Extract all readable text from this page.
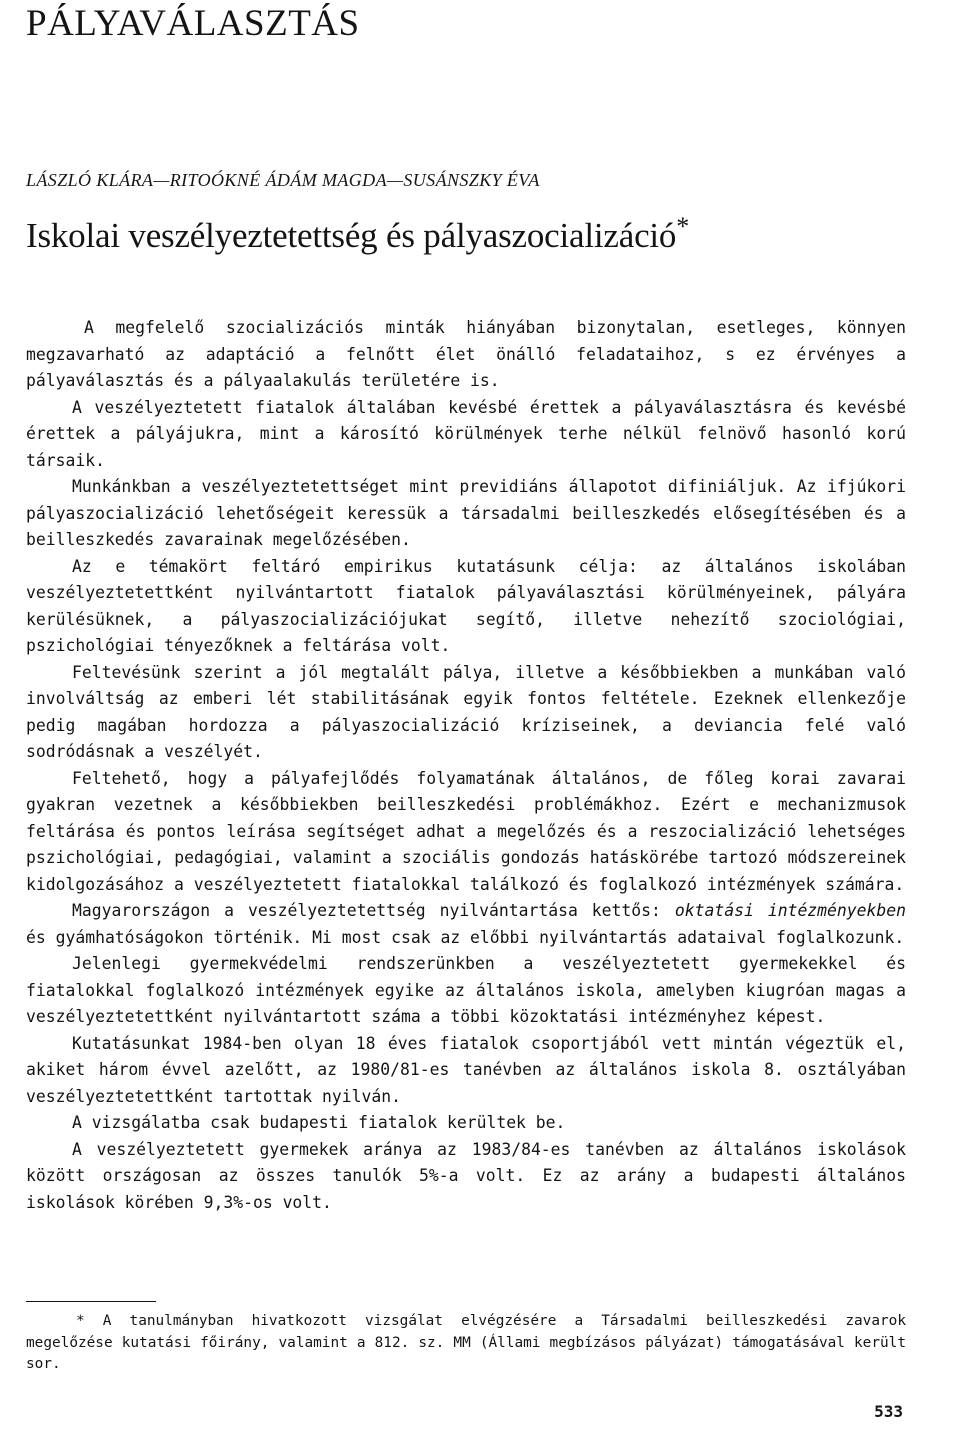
PÁLYAVÁLASZTÁS
LÁSZLÓ KLÁRA—RITOÓKNÉ ÁDÁM MAGDA—SUSÁNSZKY ÉVA
Iskolai veszélyeztetettség és pályaszocializáció*

A megfelelő szocializációs minták hiányában bizonytalan, esetleges, könnyen megzavarható az adaptáció a felnőtt élet önálló feladataihoz, s ez érvényes a pályaválasztás és a pályaalakulás területére is.

A veszélyeztetett fiatalok általában kevésbé érettek a pályaválasztásra és kevésbé érettek a pályájukra, mint a károsító körülmények terhe nélkül felnövő hasonló korú társaik.

Munkánkban a veszélyeztetettséget mint previdiáns állapotot difiniáljuk. Az ifjúkori pályaszocializáció lehetőségeit keressük a társadalmi beilleszkedés elősegítésében és a beilleszkedés zavarainak megelőzésében.

Az e témakört feltáró empirikus kutatásunk célja: az általános iskolában veszélyeztetettként nyilvántartott fiatalok pályaválasztási körülményeinek, pályára kerülésüknek, a pályaszocializációjukat segítő, illetve nehezítő szociológiai, pszichológiai tényezőknek a feltárása volt.

Feltevésünk szerint a jól megtalált pálya, illetve a későbbiekben a munkában való involváltság az emberi lét stabilitásának egyik fontos feltétele. Ezeknek ellenkezője pedig magában hordozza a pályaszocializáció kríziseinek, a deviancia felé való sodródásnak a veszélyét.

Feltehető, hogy a pályafejlődés folyamatának általános, de főleg korai zavarai gyakran vezetnek a későbbiekben beilleszkedési problémákhoz. Ezért e mechanizmusok feltárása és pontos leírása segítséget adhat a megelőzés és a reszocializáció lehetséges pszichológiai, pedagógiai, valamint a szociális gondozás hatáskörébe tartozó módszereinek kidolgozásához a veszélyeztetett fiatalokkal találkozó és foglalkozó intézmények számára.

Magyarországon a veszélyeztetettség nyilvántartása kettős: oktatási intézményekben és gyámhatóságokon történik. Mi most csak az előbbi nyilvántartás adataival foglalkozunk.

Jelenlegi gyermekvédelmi rendszerünkben a veszélyeztetett gyermekekkel és fiatalokkal foglalkozó intézmények egyike az általános iskola, amelyben kiugróan magas a veszélyeztetettként nyilvántartott száma a többi közoktatási intézményhez képest.

Kutatásunkat 1984-ben olyan 18 éves fiatalok csoportjából vett mintán végeztük el, akiket három évvel azelőtt, az 1980/81-es tanévben az általános iskola 8. osztályában veszélyeztetettként tartottak nyilván.

A vizsgálatba csak budapesti fiatalok kerültek be.

A veszélyeztetett gyermekek aránya az 1983/84-es tanévben az általános iskolások között országosan az összes tanulók 5%-a volt. Ez az arány a budapesti általános iskolások körében 9,3%-os volt.

* A tanulmányban hivatkozott vizsgálat elvégzésére a Társadalmi beilleszkedési zavarok megelőzése kutatási főirány, valamint a 812. sz. MM (Állami megbízásos pályázat) támogatásával került sor.
533
